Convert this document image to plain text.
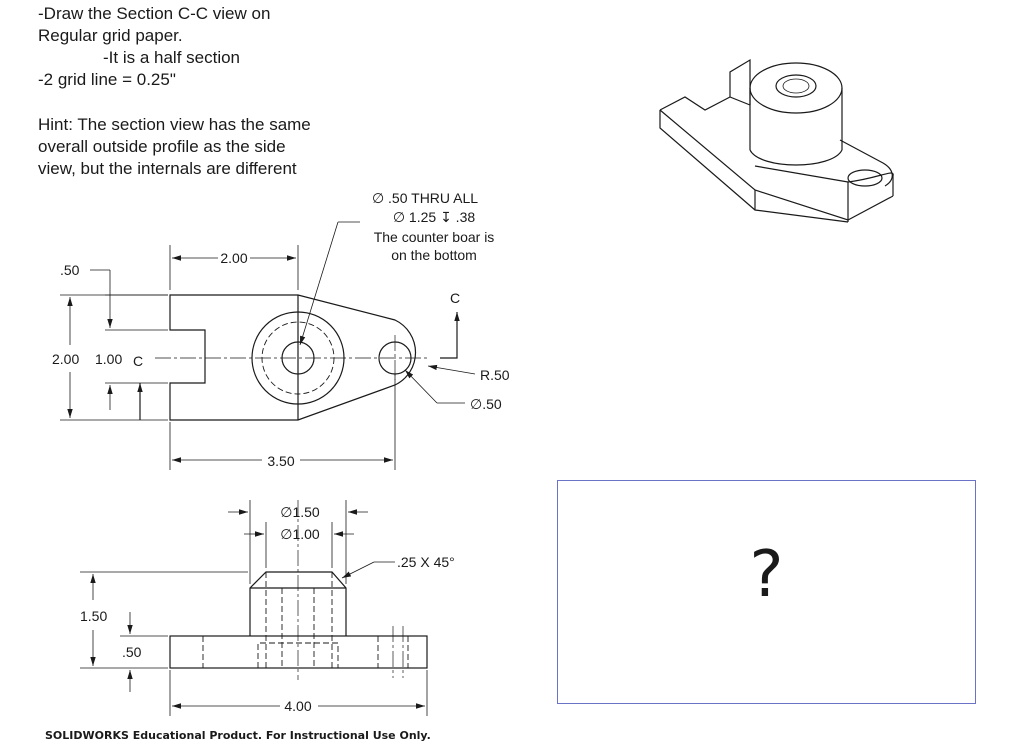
-Draw the Section C-C view on
Regular grid paper.
-It is a half section
-2 grid line = 0.25"
Hint: The section view has the same
overall outside profile as the side
view, but the internals are different
∅ .50 THRU ALL
∅ 1.25 ↧ .38
The counter boar is
on the bottom
2.00
.50
2.00 1.00 C
C
R.50
∅.50
3.50
∅1.50
∅1.00
.25 X 45°
1.50
.50
4.00
?
SOLIDWORKS Educational Product. For Instructional Use Only.
